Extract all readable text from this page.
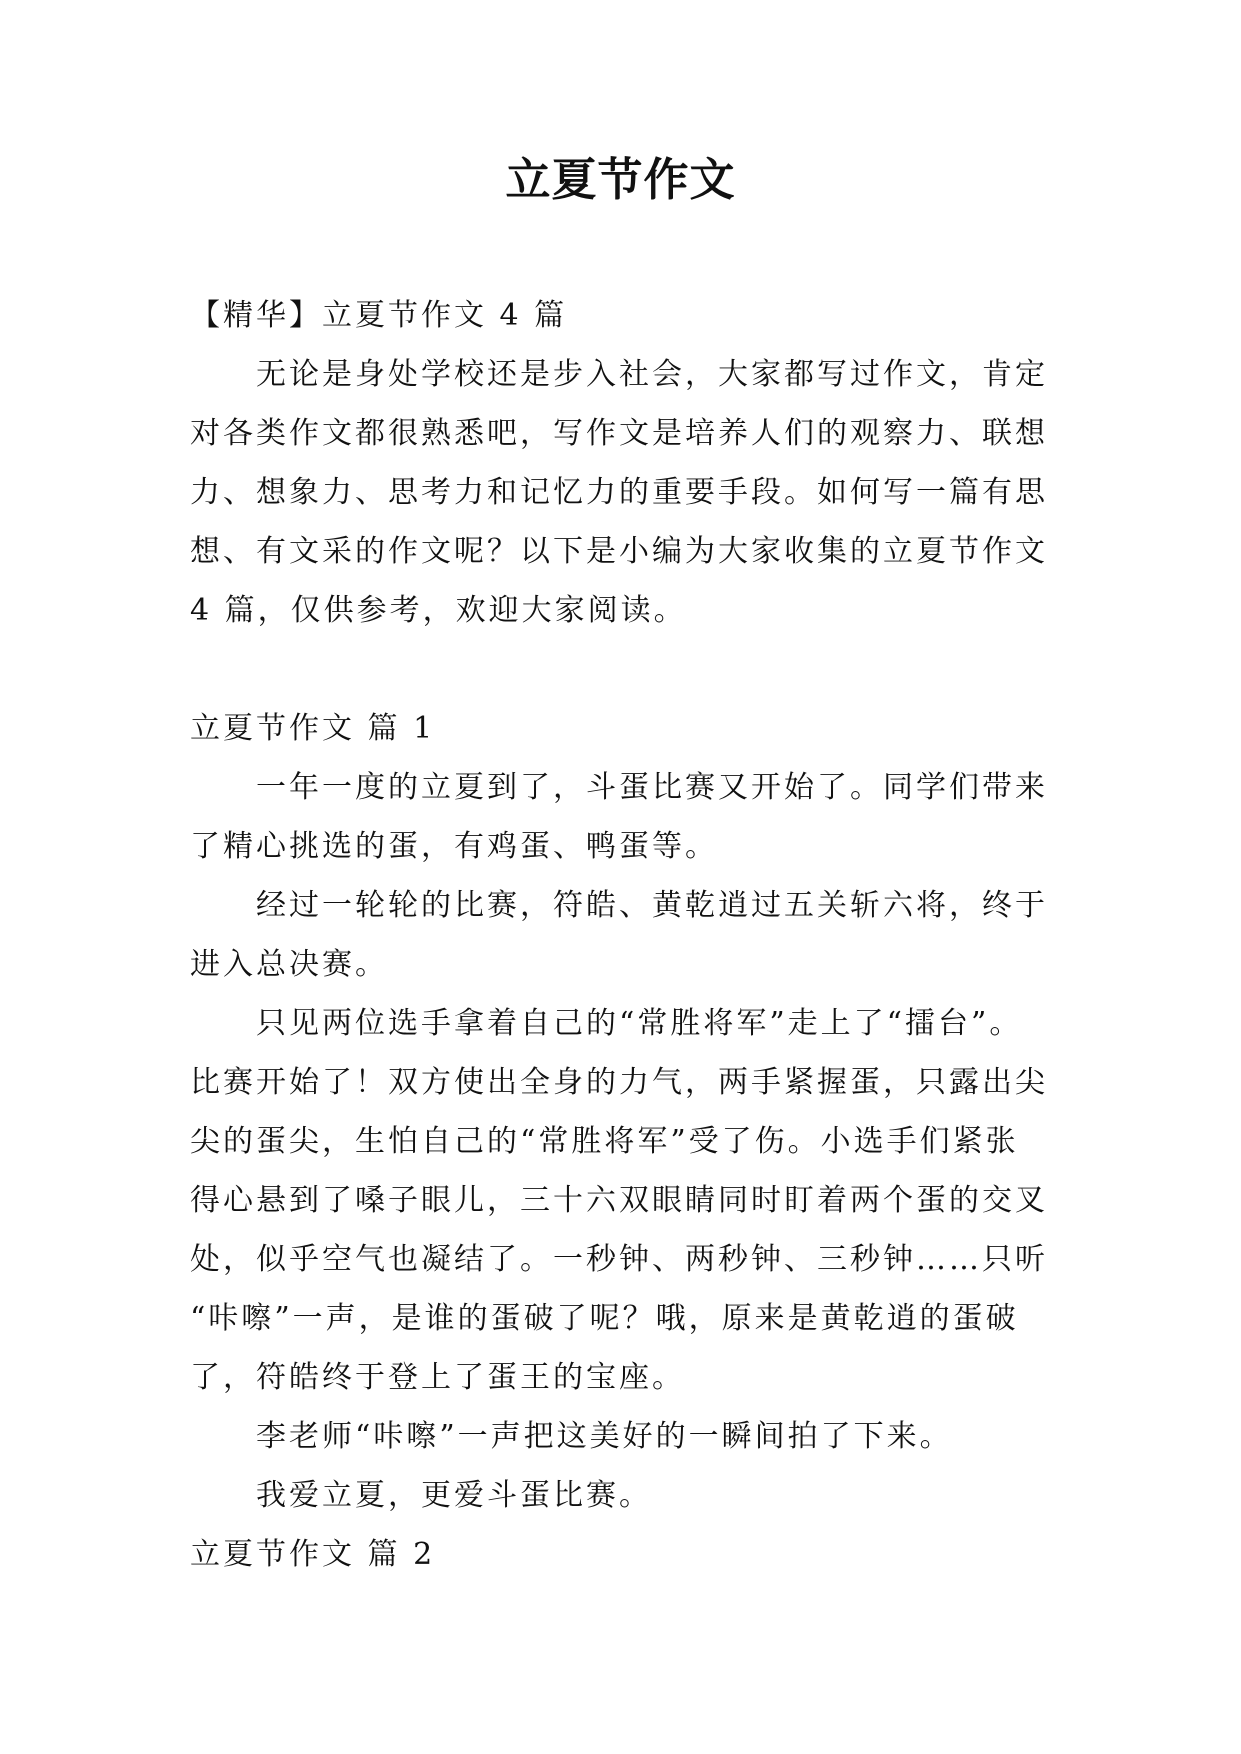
立夏节作文
【精华】立夏节作文 4 篇
无论是身处学校还是步入社会，大家都写过作文，肯定
对各类作文都很熟悉吧，写作文是培养人们的观察力、联想
力、想象力、思考力和记忆力的重要手段。如何写一篇有思
想、有文采的作文呢？以下是小编为大家收集的立夏节作文
4 篇，仅供参考，欢迎大家阅读。
立夏节作文 篇 1
一年一度的立夏到了，斗蛋比赛又开始了。同学们带来
了精心挑选的蛋，有鸡蛋、鸭蛋等。
经过一轮轮的比赛，符皓、黄乾逍过五关斩六将，终于
进入总决赛。
只见两位选手拿着自己的“常胜将军”走上了“擂台”。
比赛开始了！双方使出全身的力气，两手紧握蛋，只露出尖
尖的蛋尖，生怕自己的“常胜将军”受了伤。小选手们紧张
得心悬到了嗓子眼儿，三十六双眼睛同时盯着两个蛋的交叉
处，似乎空气也凝结了。一秒钟、两秒钟、三秒钟……只听
“咔嚓”一声，是谁的蛋破了呢？哦，原来是黄乾逍的蛋破
了，符皓终于登上了蛋王的宝座。
李老师“咔嚓”一声把这美好的一瞬间拍了下来。
我爱立夏，更爱斗蛋比赛。
立夏节作文 篇 2
